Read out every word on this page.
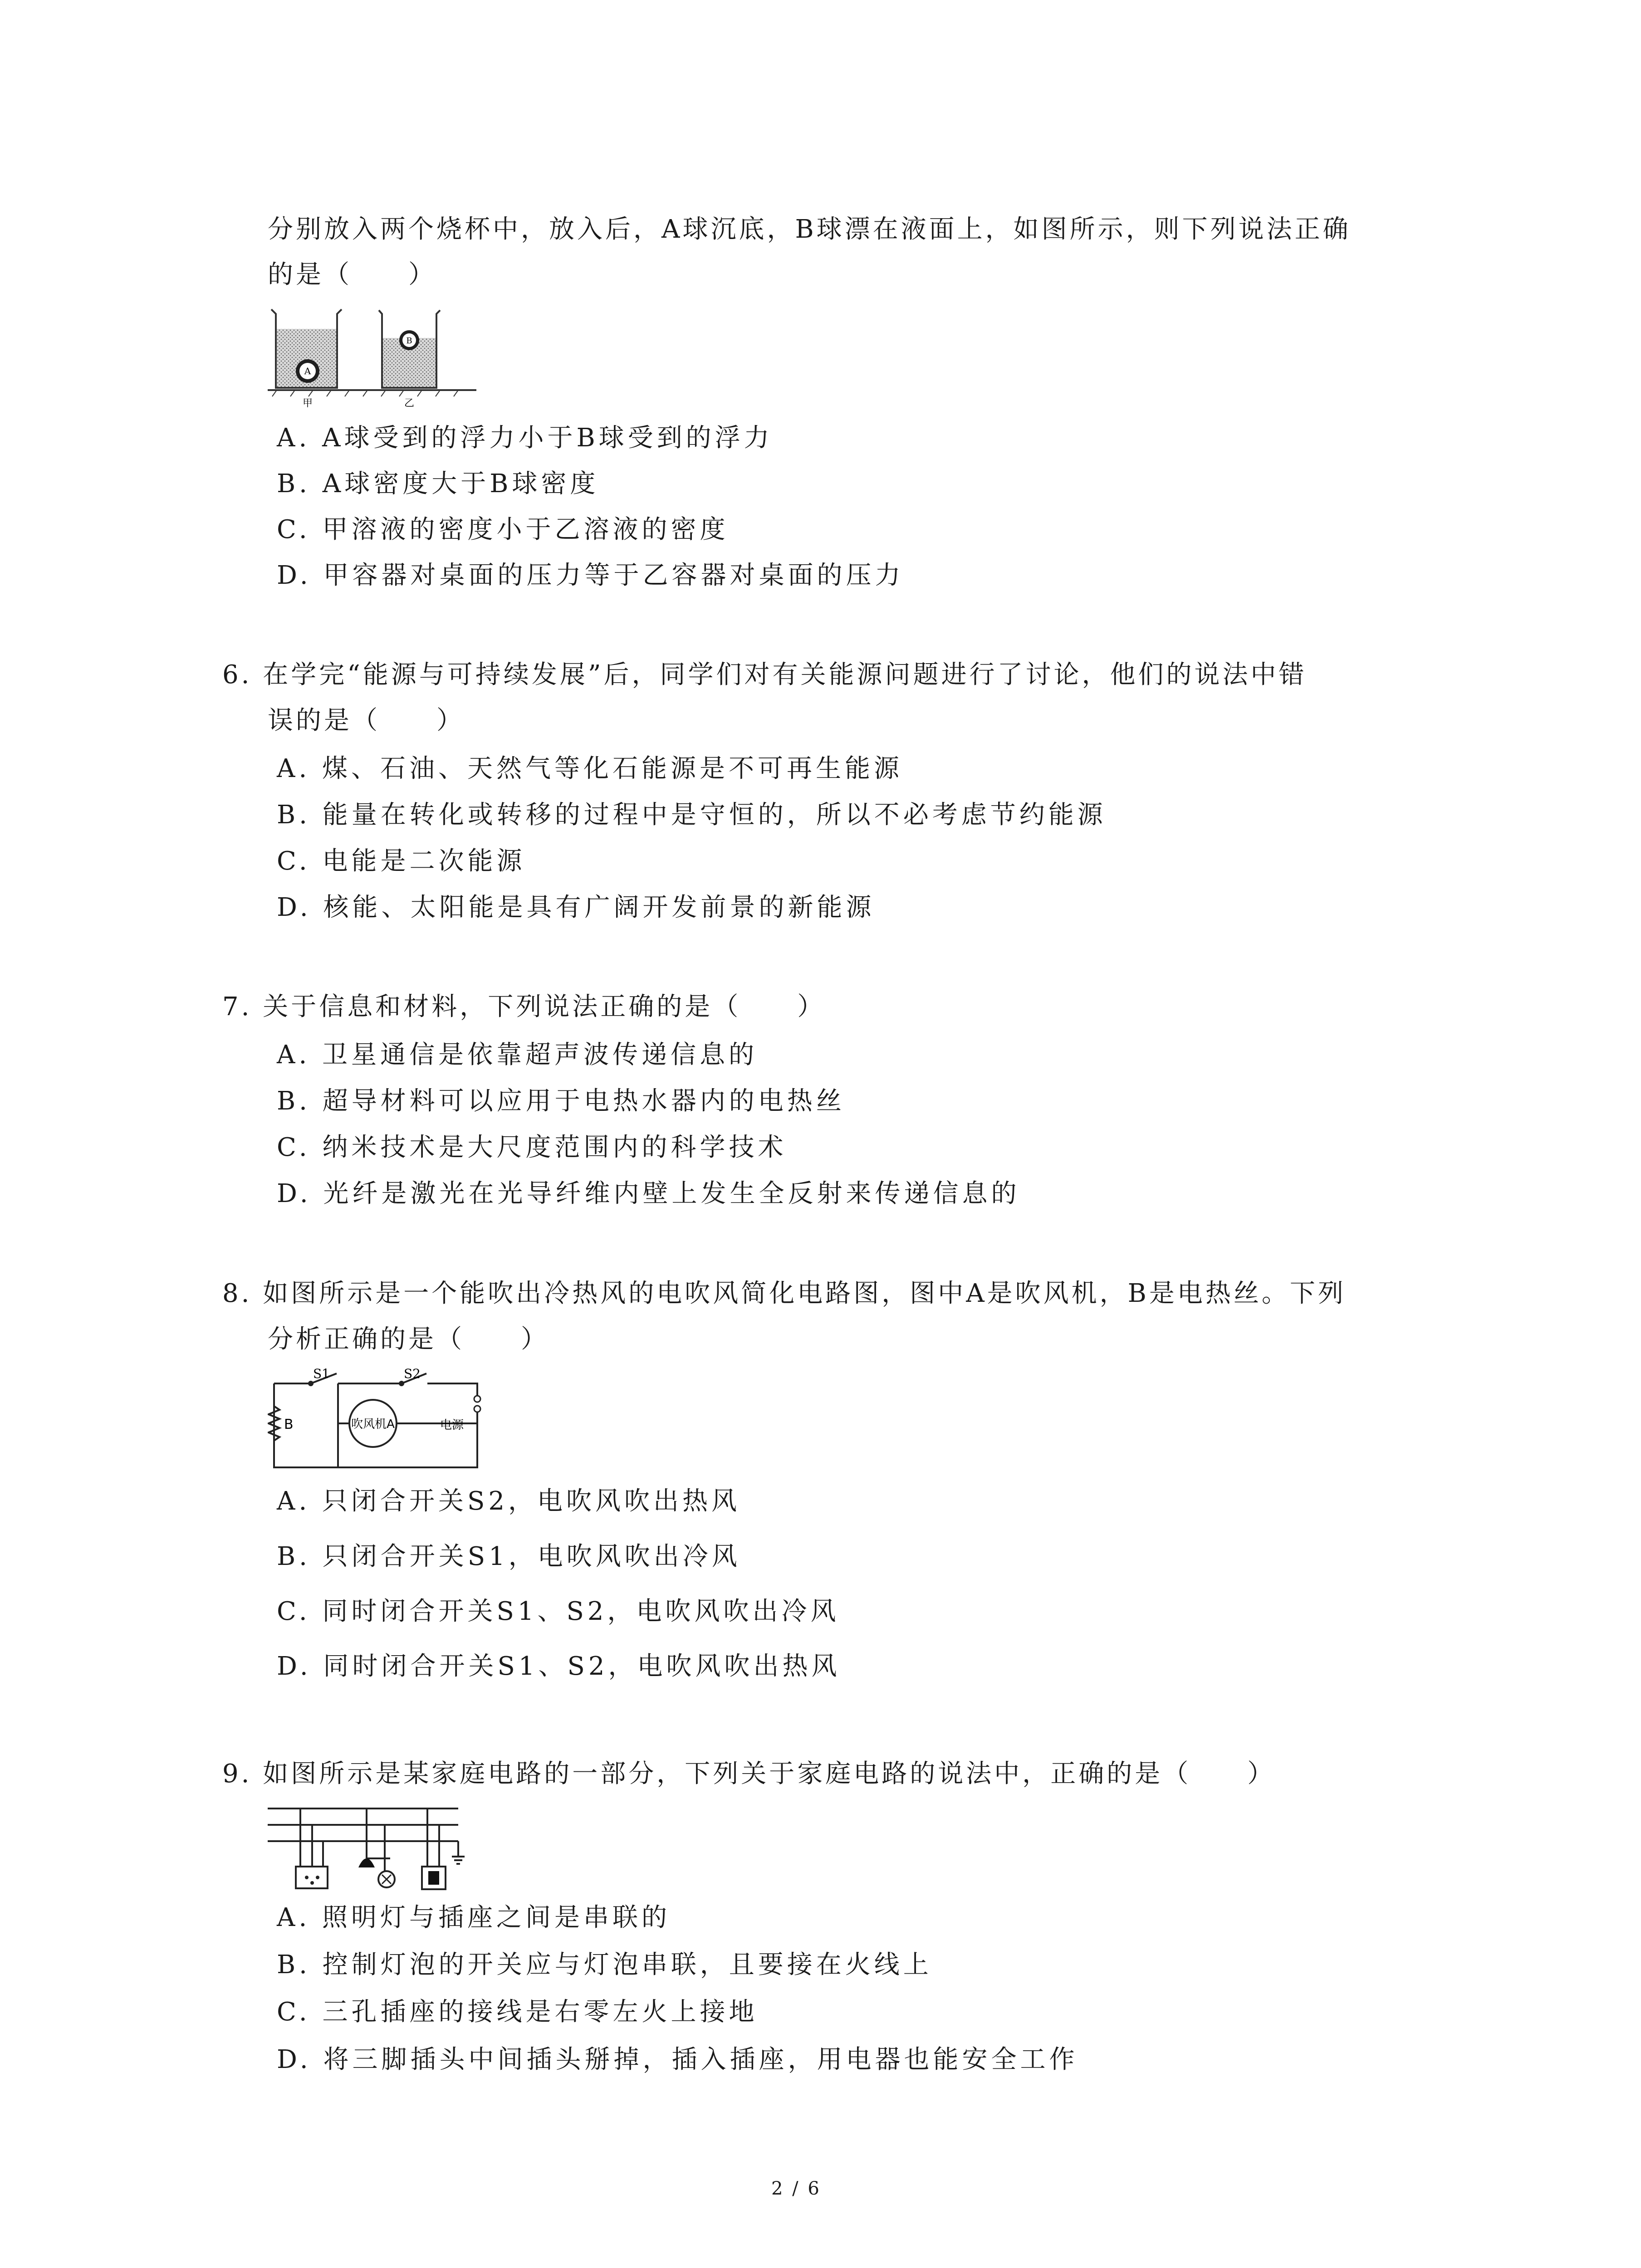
分别放入两个烧杯中，放入后，A球沉底，B球漂在液面上，如图所示，则下列说法正确
的是（　　）
A
B
甲	乙
A. A球受到的浮力小于B球受到的浮力
B. A球密度大于B球密度
C. 甲溶液的密度小于乙溶液的密度
D. 甲容器对桌面的压力等于乙容器对桌面的压力
6. 在学完“能源与可持续发展”后，同学们对有关能源问题进行了讨论，他们的说法中错
误的是（　　）
A. 煤、石油、天然气等化石能源是不可再生能源
B. 能量在转化或转移的过程中是守恒的，所以不必考虑节约能源
C. 电能是二次能源
D. 核能、太阳能是具有广阔开发前景的新能源
7. 关于信息和材料，下列说法正确的是（　　）
A. 卫星通信是依靠超声波传递信息的
B. 超导材料可以应用于电热水器内的电热丝
C. 纳米技术是大尺度范围内的科学技术
D. 光纤是激光在光导纤维内壁上发生全反射来传递信息的
8. 如图所示是一个能吹出冷热风的电吹风简化电路图，图中A是吹风机，B是电热丝。下列
分析正确的是（　　）
S1	S2
B	吹风机A	电源
A. 只闭合开关S2，电吹风吹出热风
B. 只闭合开关S1，电吹风吹出冷风
C. 同时闭合开关S1、S2，电吹风吹出冷风
D. 同时闭合开关S1、S2，电吹风吹出热风
9. 如图所示是某家庭电路的一部分，下列关于家庭电路的说法中，正确的是（　　）
A. 照明灯与插座之间是串联的
B. 控制灯泡的开关应与灯泡串联，且要接在火线上
C. 三孔插座的接线是右零左火上接地
D. 将三脚插头中间插头掰掉，插入插座，用电器也能安全工作
2 / 6
